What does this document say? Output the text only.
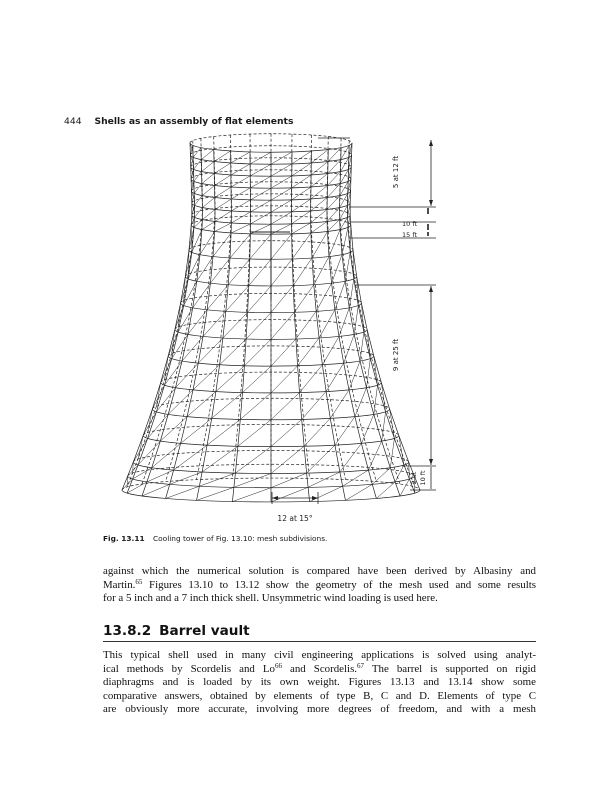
444 Shells as an assembly of flat elements
5 at 12 ft
10 ft
15 ft
9 at 25 ft
2 at 10 ft
12 at 15°
Fig. 13.11 Cooling tower of Fig. 13.10: mesh subdivisions.
against which the numerical solution is compared have been derived by Albasiny and
Martin.$^{65}$ Figures 13.10 to 13.12 show the geometry of the mesh used and some results
for a 5 inch and a 7 inch thick shell. Unsymmetric wind loading is used here.
13.8.2 Barrel vault
This typical shell used in many civil engineering applications is solved using analyt-
ical methods by Scordelis and Lo$^{66}$ and Scordelis.$^{67}$ The barrel is supported on rigid
diaphragms and is loaded by its own weight. Figures 13.13 and 13.14 show some
comparative answers, obtained by elements of type B, C and D. Elements of type C
are obviously more accurate, involving more degrees of freedom, and with a mesh
